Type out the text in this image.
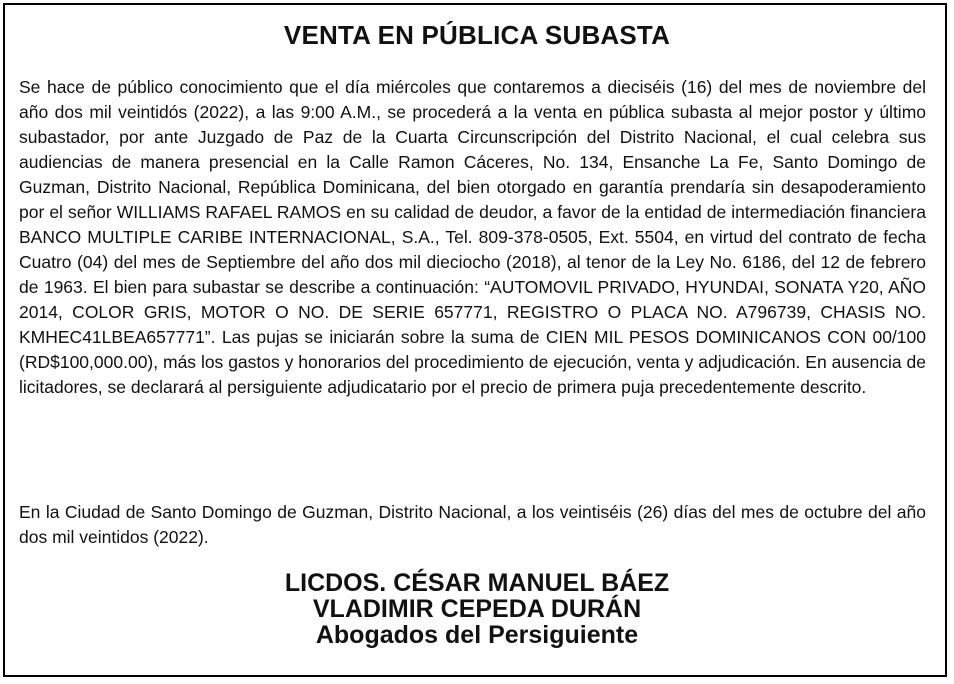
VENTA EN PÚBLICA SUBASTA

Se hace de público conocimiento que el día miércoles que contaremos a dieciséis (16) del mes de noviembre del año dos mil veintidós (2022), a las 9:00 A.M., se procederá a la venta en pública subasta al mejor postor y último subastador, por ante Juzgado de Paz de la Cuarta Circunscripción del Distrito Nacional, el cual celebra sus audiencias de manera presencial en la Calle Ramon Cáceres, No. 134, Ensanche La Fe, Santo Domingo de Guzman, Distrito Nacional, República Dominicana, del bien otorgado en garantía prendaría sin desapoderamiento por el señor WILLIAMS RAFAEL RAMOS en su calidad de deudor, a favor de la entidad de intermediación financiera BANCO MULTIPLE CARIBE INTERNACIONAL, S.A., Tel. 809-378-0505, Ext. 5504, en virtud del contrato de fecha Cuatro (04) del mes de Septiembre del año dos mil dieciocho (2018), al tenor de la Ley No. 6186, del 12 de febrero de 1963. El bien para subastar se describe a continuación: “AUTOMOVIL PRIVADO, HYUNDAI, SONATA Y20, AÑO 2014, COLOR GRIS, MOTOR O NO. DE SERIE 657771, REGISTRO O PLACA NO. A796739, CHASIS NO. KMHEC41LBEA657771”. Las pujas se iniciarán sobre la suma de CIEN MIL PESOS DOMINICANOS CON 00/100 (RD$100,000.00), más los gastos y honorarios del procedimiento de ejecución, venta y adjudicación. En ausencia de licitadores, se declarará al persiguiente adjudicatario por el precio de primera puja precedentemente descrito.

En la Ciudad de Santo Domingo de Guzman, Distrito Nacional, a los veintiséis (26) días del mes de octubre del año dos mil veintidos (2022).

LICDOS. CÉSAR MANUEL BÁEZ
VLADIMIR CEPEDA DURÁN
Abogados del Persiguiente
